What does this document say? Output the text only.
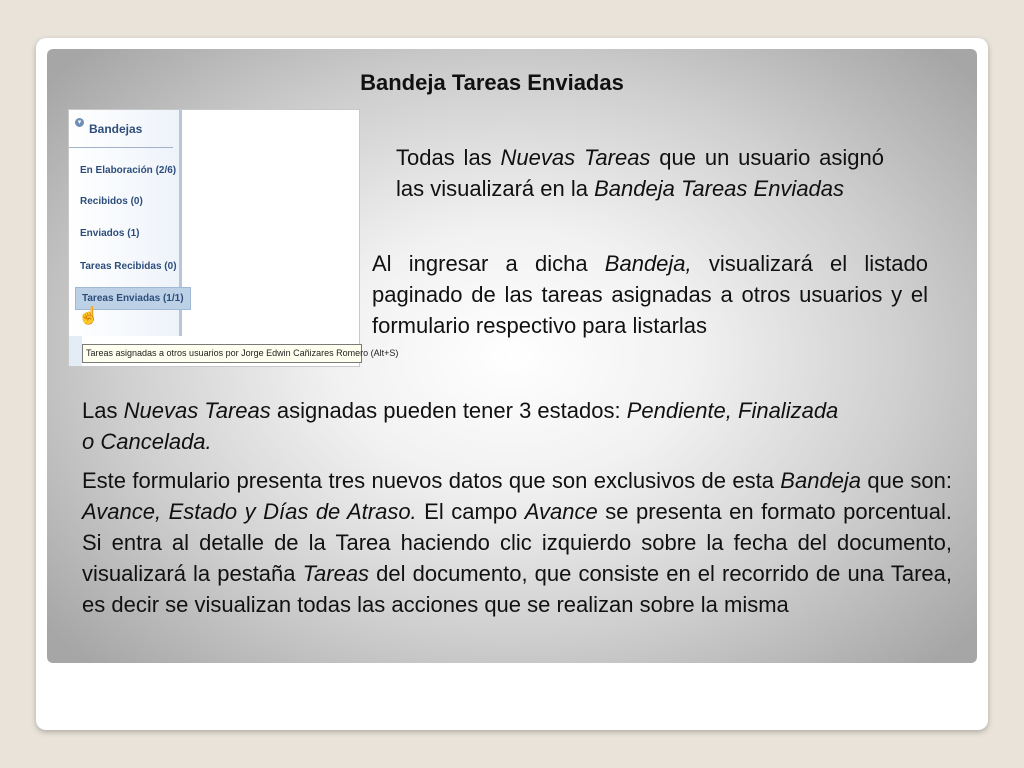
Bandeja Tareas Enviadas
▾ Bandejas
En Elaboración (2/6)
Recibidos (0)
Enviados (1)
Tareas Recibidas (0)
Tareas Enviadas (1/1)
☝
Tareas asignadas a otros usuarios por Jorge Edwin Cañizares Romero (Alt+S)
Todas las Nuevas Tareas que un usuario asignó las visualizará en la Bandeja Tareas Enviadas
Al ingresar a dicha Bandeja, visualizará el listado paginado de las tareas asignadas a otros usuarios y el formulario respectivo para listarlas
Las Nuevas Tareas asignadas pueden tener 3 estados: Pendiente, Finalizada o Cancelada.
Este formulario presenta tres nuevos datos que son exclusivos de esta Bandeja que son: Avance, Estado y Días de Atraso. El campo Avance se presenta en formato porcentual. Si entra al detalle de la Tarea haciendo clic izquierdo sobre la fecha del documento, visualizará la pestaña Tareas del documento, que consiste en el recorrido de una Tarea, es decir se visualizan todas las acciones que se realizan sobre la misma
